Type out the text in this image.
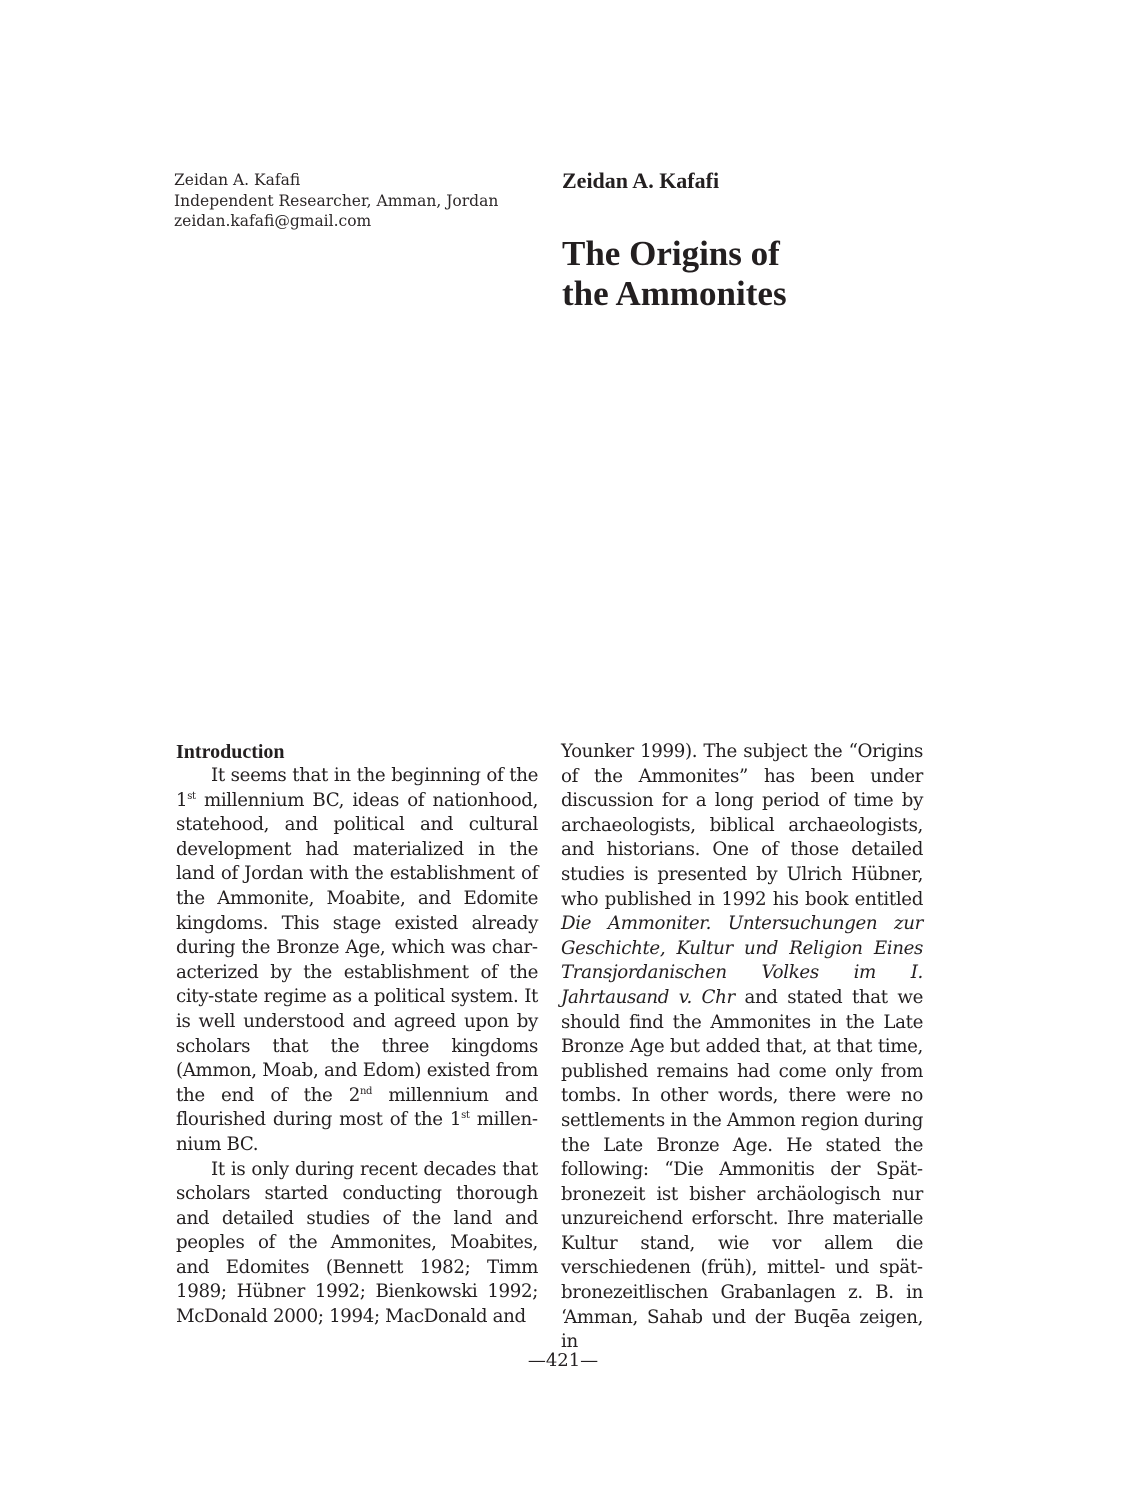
Zeidan A. Kafafi
Independent Researcher, Amman, Jordan
zeidan.kafafi@gmail.com
Zeidan A. Kafafi
The Origins of
the Ammonites
Introduction

It seems that in the beginning of the 1st millennium BC, ideas of nationhood, statehood, and political and cultural development had materialized in the land of Jordan with the establishment of the Ammonite, Moabite, and Edomite kingdoms. This stage existed already during the Bronze Age, which was characterized by the establishment of the city-state regime as a political system. It is well understood and agreed upon by scholars that the three kingdoms (Ammon, Moab, and Edom) existed from the end of the 2nd millennium and flourished during most of the 1st millennium BC.

It is only during recent decades that scholars started conducting thorough and detailed studies of the land and peoples of the Ammonites, Moabites, and Edomites (Bennett 1982; Timm 1989; Hübner 1992; Bienkowski 1992; McDonald 2000; 1994; MacDonald and

Younker 1999). The subject the “Origins of the Ammonites” has been under discussion for a long period of time by archaeologists, biblical archaeologists, and historians. One of those detailed studies is presented by Ulrich Hübner, who published in 1992 his book entitled Die Ammoniter. Untersuchungen zur Geschichte, Kultur und Religion Eines Transjordanischen Volkes im I. Jahrtausand v. Chr and stated that we should find the Ammonites in the Late Bronze Age but added that, at that time, published remains had come only from tombs. In other words, there were no settlements in the Ammon region during the Late Bronze Age. He stated the following: “Die Ammonitis der Spätbronezeit ist bisher archäologisch nur unzureichend erforscht. Ihre materialle Kultur stand, wie vor allem die verschiedenen (früh), mittel- und spätbronezeitlischen Grabanlagen z. B. in ‘Amman, Sahab und der Buqēa zeigen, in

—421—
